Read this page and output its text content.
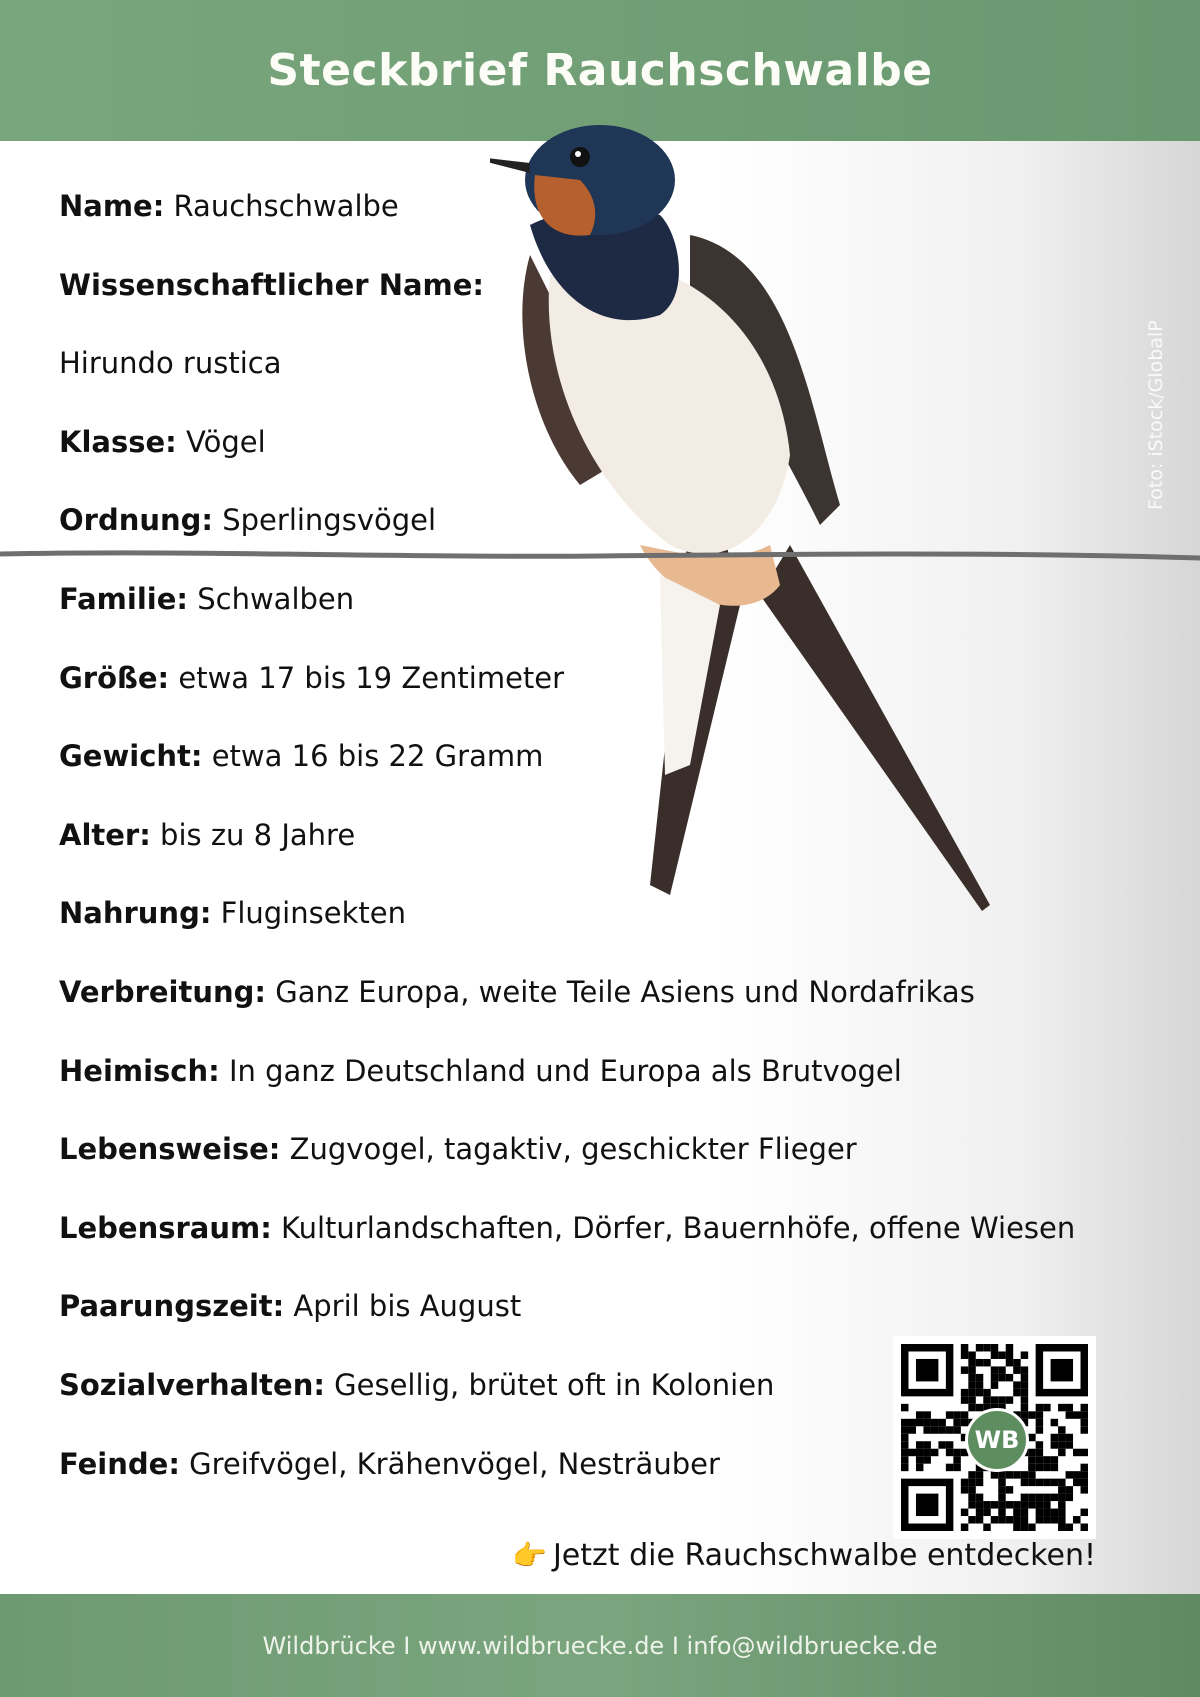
Steckbrief Rauchschwalbe
Name: Rauchschwalbe
Wissenschaftlicher Name:
Hirundo rustica
Klasse: Vögel
Ordnung: Sperlingsvögel
Familie: Schwalben
Größe: etwa 17 bis 19 Zentimeter
Gewicht: etwa 16 bis 22 Gramm
Alter: bis zu 8 Jahre
Nahrung: Fluginsekten
Verbreitung: Ganz Europa, weite Teile Asiens und Nordafrikas
Heimisch: In ganz Deutschland und Europa als Brutvogel
Lebensweise: Zugvogel, tagaktiv, geschickter Flieger
Lebensraum: Kulturlandschaften, Dörfer, Bauernhöfe, offene Wiesen
Paarungszeit: April bis August
Sozialverhalten: Gesellig, brütet oft in Kolonien
Feinde: Greifvögel, Krähenvögel, Nesträuber
Foto: iStock/GlobalP
WB
👉 Jetzt die Rauchschwalbe entdecken!
Wildbrücke I www.wildbruecke.de I info@wildbruecke.de
